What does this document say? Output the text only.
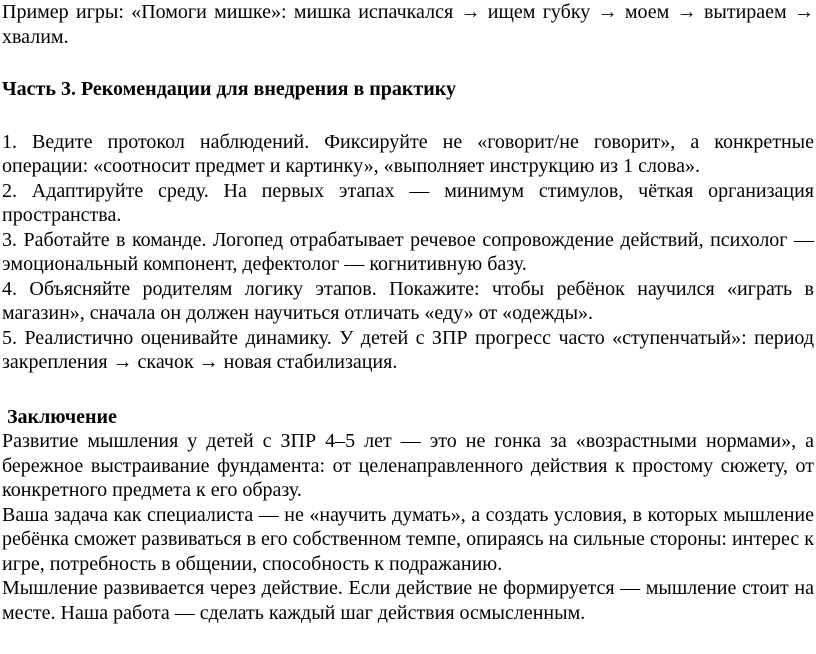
Пример игры: «Помоги мишке»: мишка испачкался → ищем губку → моем → вытираем → хвалим.

Часть 3. Рекомендации для внедрения в практику

1. Ведите протокол наблюдений. Фиксируйте не «говорит/не говорит», а конкретные операции: «соотносит предмет и картинку», «выполняет инструкцию из 1 слова».

2. Адаптируйте среду. На первых этапах — минимум стимулов, чёткая организация пространства.

3. Работайте в команде. Логопед отрабатывает речевое сопровождение действий, психолог — эмоциональный компонент, дефектолог — когнитивную базу.

4. Объясняйте родителям логику этапов. Покажите: чтобы ребёнок научился «играть в магазин», сначала он должен научиться отличать «еду» от «одежды».

5. Реалистично оценивайте динамику. У детей с ЗПР прогресс часто «ступенчатый»: период закрепления → скачок → новая стабилизация.

Заключение

Развитие мышления у детей с ЗПР 4–5 лет — это не гонка за «возрастными нормами», а бережное выстраивание фундамента: от целенаправленного действия к простому сюжету, от конкретного предмета к его образу.

Ваша задача как специалиста — не «научить думать», а создать условия, в которых мышление ребёнка сможет развиваться в его собственном темпе, опираясь на сильные стороны: интерес к игре, потребность в общении, способность к подражанию.

Мышление развивается через действие. Если действие не формируется — мышление стоит на месте. Наша работа — сделать каждый шаг действия осмысленным.
